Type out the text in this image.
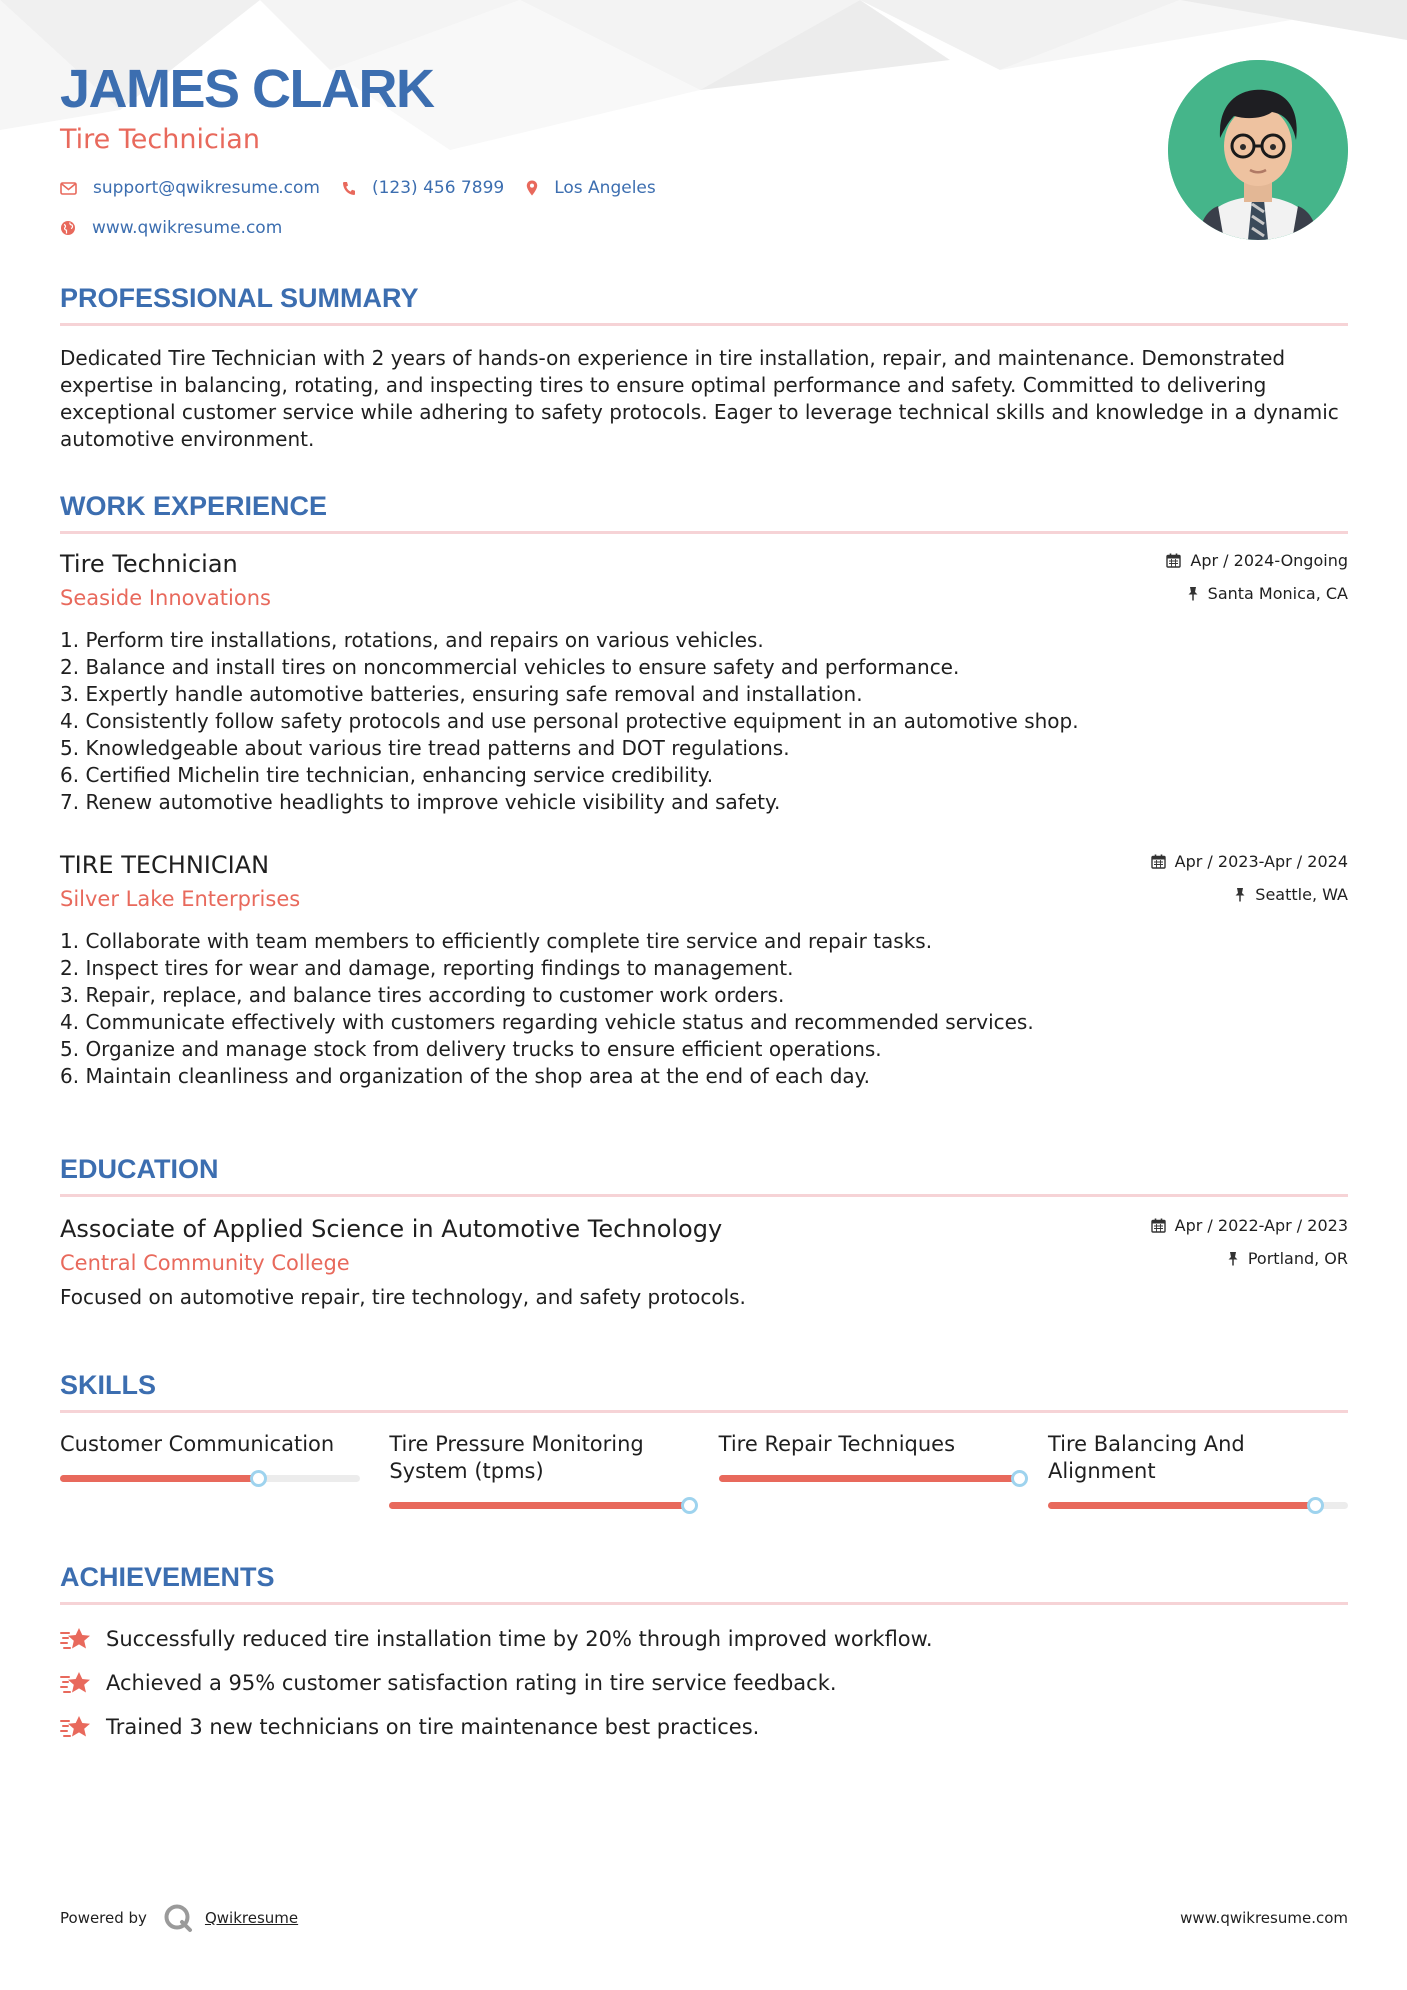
JAMES CLARK
Tire Technician
support@qwikresume.com	(123) 456 7899	Los Angeles
www.qwikresume.com
PROFESSIONAL SUMMARY
Dedicated Tire Technician with 2 years of hands-on experience in tire installation, repair, and maintenance. Demonstrated expertise in balancing, rotating, and inspecting tires to ensure optimal performance and safety. Committed to delivering exceptional customer service while adhering to safety protocols. Eager to leverage technical skills and knowledge in a dynamic automotive environment.
WORK EXPERIENCE
Tire Technician
Seaside Innovations
Apr / 2024-Ongoing
Santa Monica, CA
1. Perform tire installations, rotations, and repairs on various vehicles.
2. Balance and install tires on noncommercial vehicles to ensure safety and performance.
3. Expertly handle automotive batteries, ensuring safe removal and installation.
4. Consistently follow safety protocols and use personal protective equipment in an automotive shop.
5. Knowledgeable about various tire tread patterns and DOT regulations.
6. Certified Michelin tire technician, enhancing service credibility.
7. Renew automotive headlights to improve vehicle visibility and safety.
TIRE TECHNICIAN
Silver Lake Enterprises
Apr / 2023-Apr / 2024
Seattle, WA
1. Collaborate with team members to efficiently complete tire service and repair tasks.
2. Inspect tires for wear and damage, reporting findings to management.
3. Repair, replace, and balance tires according to customer work orders.
4. Communicate effectively with customers regarding vehicle status and recommended services.
5. Organize and manage stock from delivery trucks to ensure efficient operations.
6. Maintain cleanliness and organization of the shop area at the end of each day.
EDUCATION
Associate of Applied Science in Automotive Technology
Central Community College
Apr / 2022-Apr / 2023
Portland, OR
Focused on automotive repair, tire technology, and safety protocols.
SKILLS
Customer Communication	Tire Pressure Monitoring System (tpms)
Tire Repair Techniques	Tire Balancing And Alignment
ACHIEVEMENTS
Successfully reduced tire installation time by 20% through improved workflow.
Achieved a 95% customer satisfaction rating in tire service feedback.
Trained 3 new technicians on tire maintenance best practices.
Powered by	Qwikresume	www.qwikresume.com
